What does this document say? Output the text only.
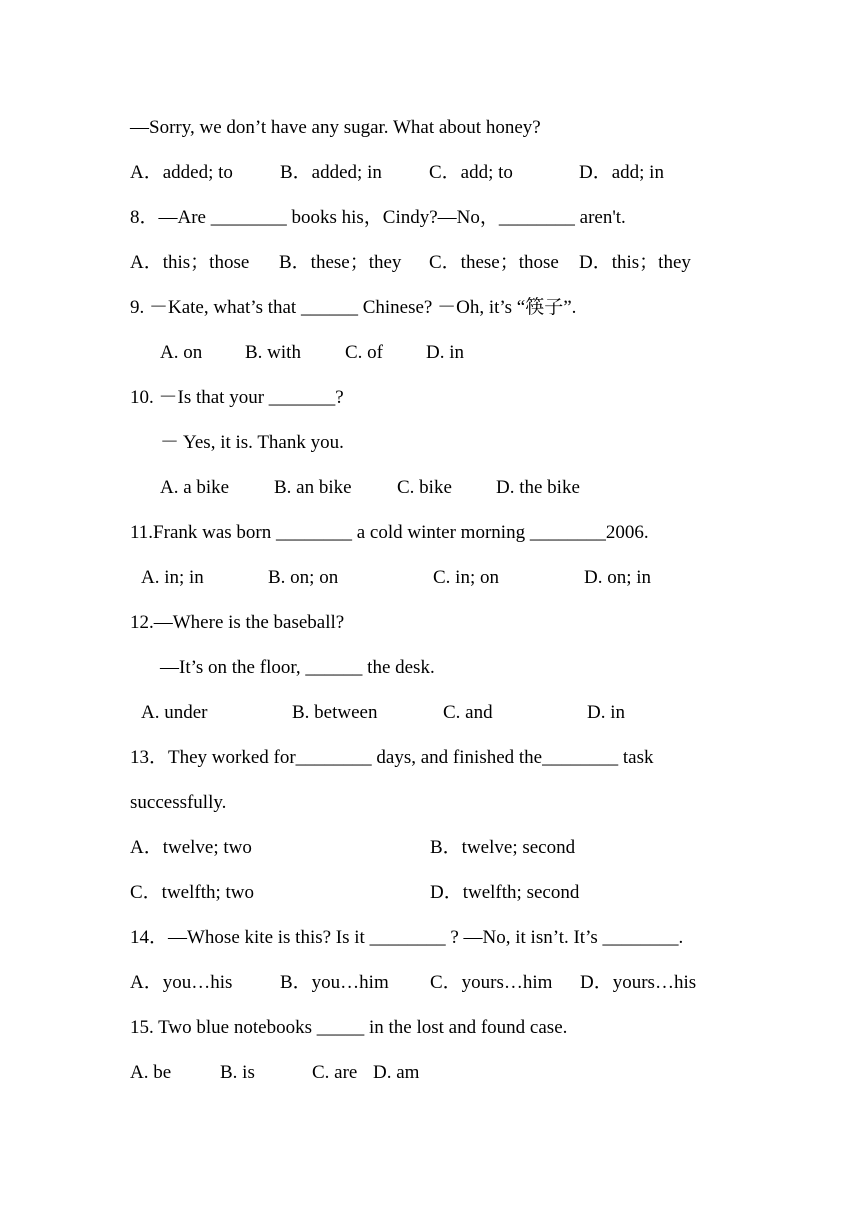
—Sorry, we don’t have any sugar. What about honey?

A．added; to

B．added; in

C．add; to

	D．add; in

8．—Are ________ books his，Cindy?—No，________ aren't.

A．this；those

B．these；they

C．these；those

D．this；they

9. －Kate, what’s that ______ Chinese? －Oh, it’s “筷子”.

A. on

B. with

C. of

D. in

10. －Is that your _______?

－ Yes, it is. Thank you.

A. a bike

B. an bike

C. bike

D. the bike

11.Frank was born ________ a cold winter morning ________2006.

A. in; in

	B. on; on

	C. in; on

	D. on; in

12.—Where is the baseball?

—It’s on the floor, ______ the desk.

A. under

	B. between

	C. and

	D. in

13．They worked for________ days, and finished the________ task

successfully.

A．twelve; two

	B．twelve; second

C．twelfth; two

	D．twelfth; second

14．—Whose kite is this? Is it ________ ? —No, it isn’t. It’s ________.

A．you…his

	B．you…him

C．yours…him

D．yours…his

15. Two blue notebooks _____ in the lost and found case.

A. be

	B. is

	C. are

D. am
